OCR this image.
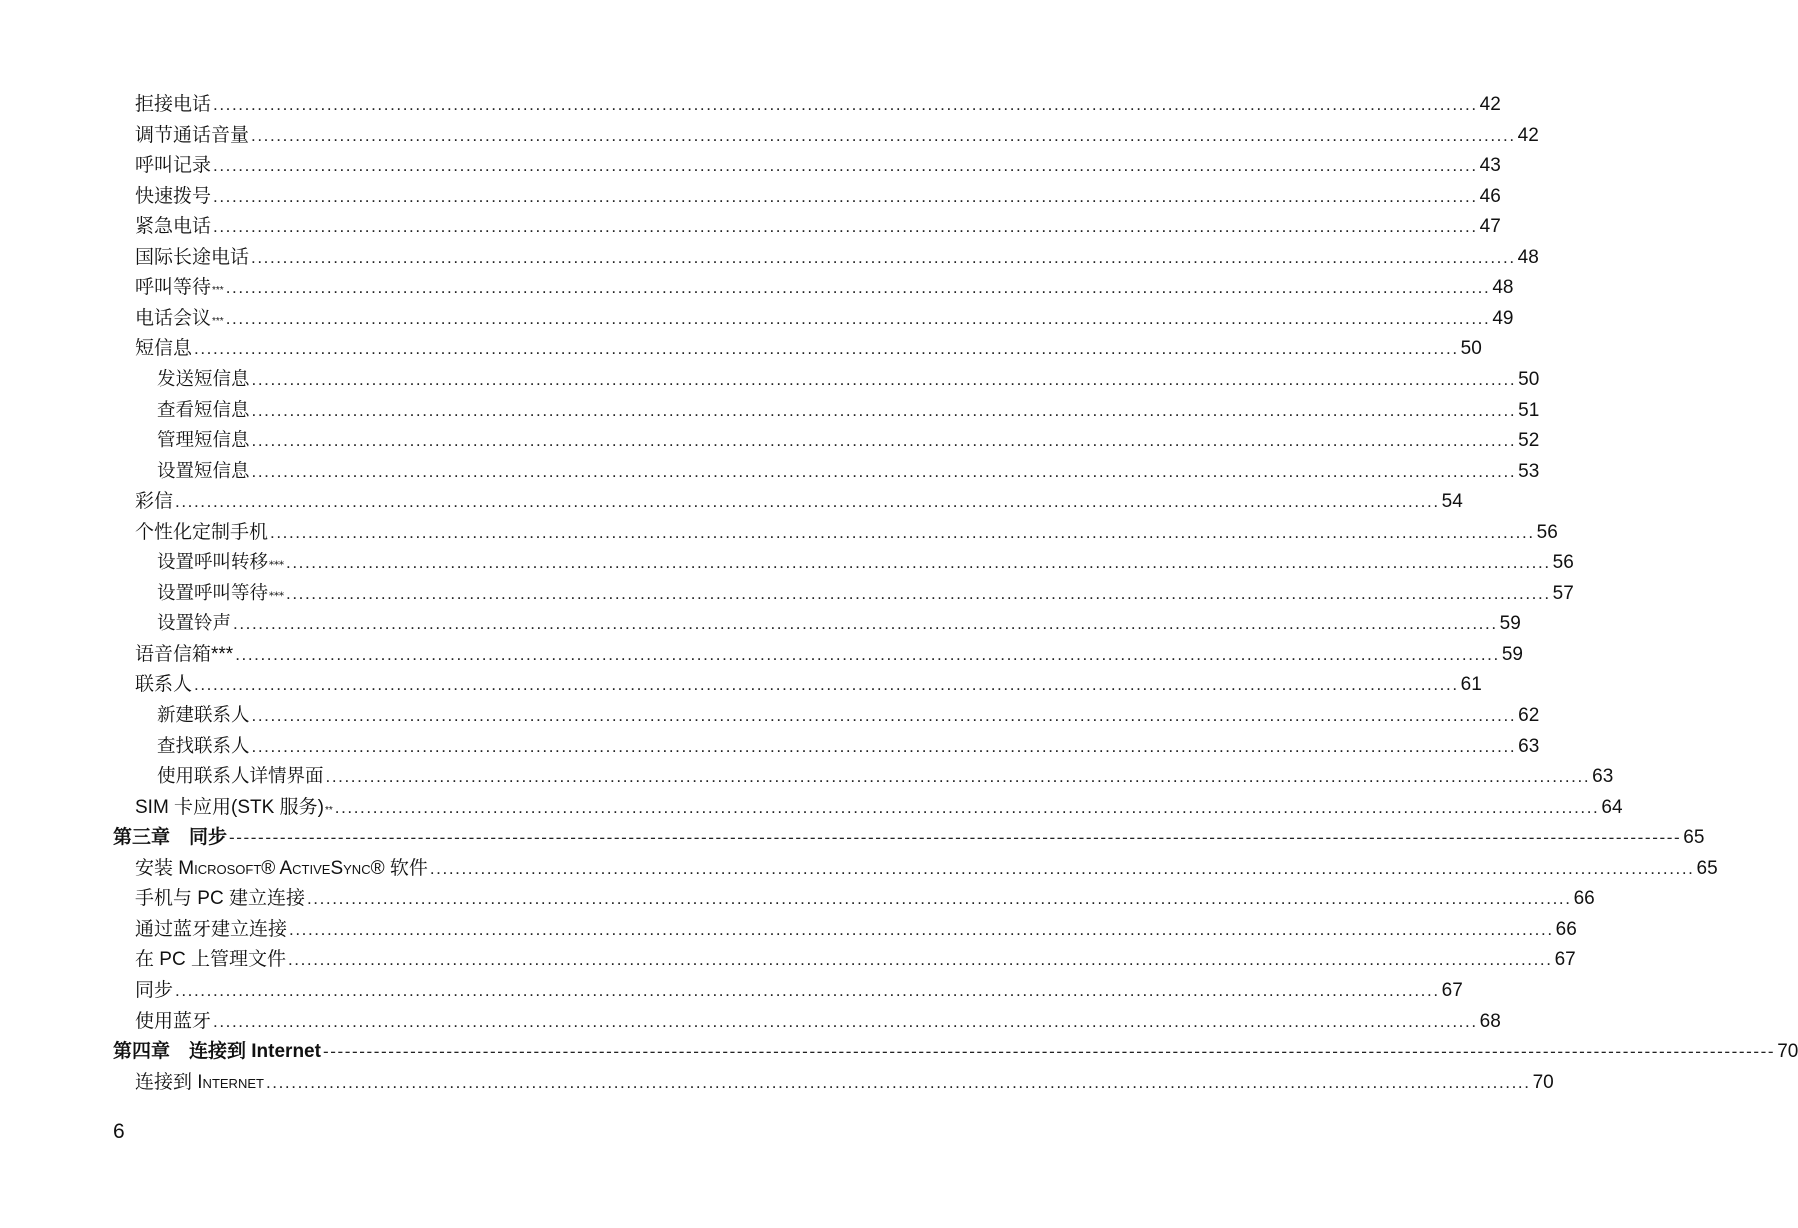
拒接电话 ........................................................................................................................................................................................................ 42
调节通话音量 ........................................................................................................................................................................................................ 42
呼叫记录 ........................................................................................................................................................................................................ 43
快速拨号 ........................................................................................................................................................................................................ 46
紧急电话 ........................................................................................................................................................................................................ 47
国际长途电话 ........................................................................................................................................................................................................ 48
呼叫等待 *** ........................................................................................................................................................................................................ 48
电话会议 *** ........................................................................................................................................................................................................ 49
短信息 ........................................................................................................................................................................................................ 50
发送短信息 ........................................................................................................................................................................................................ 50
查看短信息 ........................................................................................................................................................................................................ 51
管理短信息 ........................................................................................................................................................................................................ 52
设置短信息 ........................................................................................................................................................................................................ 53
彩信 ........................................................................................................................................................................................................ 54
个性化定制手机 ........................................................................................................................................................................................................ 56
设置呼叫转移 *** ........................................................................................................................................................................................................ 56
设置呼叫等待 *** ........................................................................................................................................................................................................ 57
设置铃声 ........................................................................................................................................................................................................ 59
语音信箱*** ........................................................................................................................................................................................................ 59
联系人 ........................................................................................................................................................................................................ 61
新建联系人 ........................................................................................................................................................................................................ 62
查找联系人 ........................................................................................................................................................................................................ 63
使用联系人详情界面 ........................................................................................................................................................................................................ 63
SIM 卡应用(STK 服务) ** ........................................................................................................................................................................................................ 64
第三章　同步 -------------------------------------------------------------------------------------------------------------------------------------------------------------------------------------------------------- 65
安装 Microsoft® ActiveSync® 软件 ........................................................................................................................................................................................................ 65
手机与 PC 建立连接 ........................................................................................................................................................................................................ 66
通过蓝牙建立连接 ........................................................................................................................................................................................................ 66
在 PC 上管理文件 ........................................................................................................................................................................................................ 67
同步 ........................................................................................................................................................................................................ 67
使用蓝牙 ........................................................................................................................................................................................................ 68
第四章　连接到 Internet -------------------------------------------------------------------------------------------------------------------------------------------------------------------------------------------------------- 70
连接到 Internet ........................................................................................................................................................................................................ 70
6
